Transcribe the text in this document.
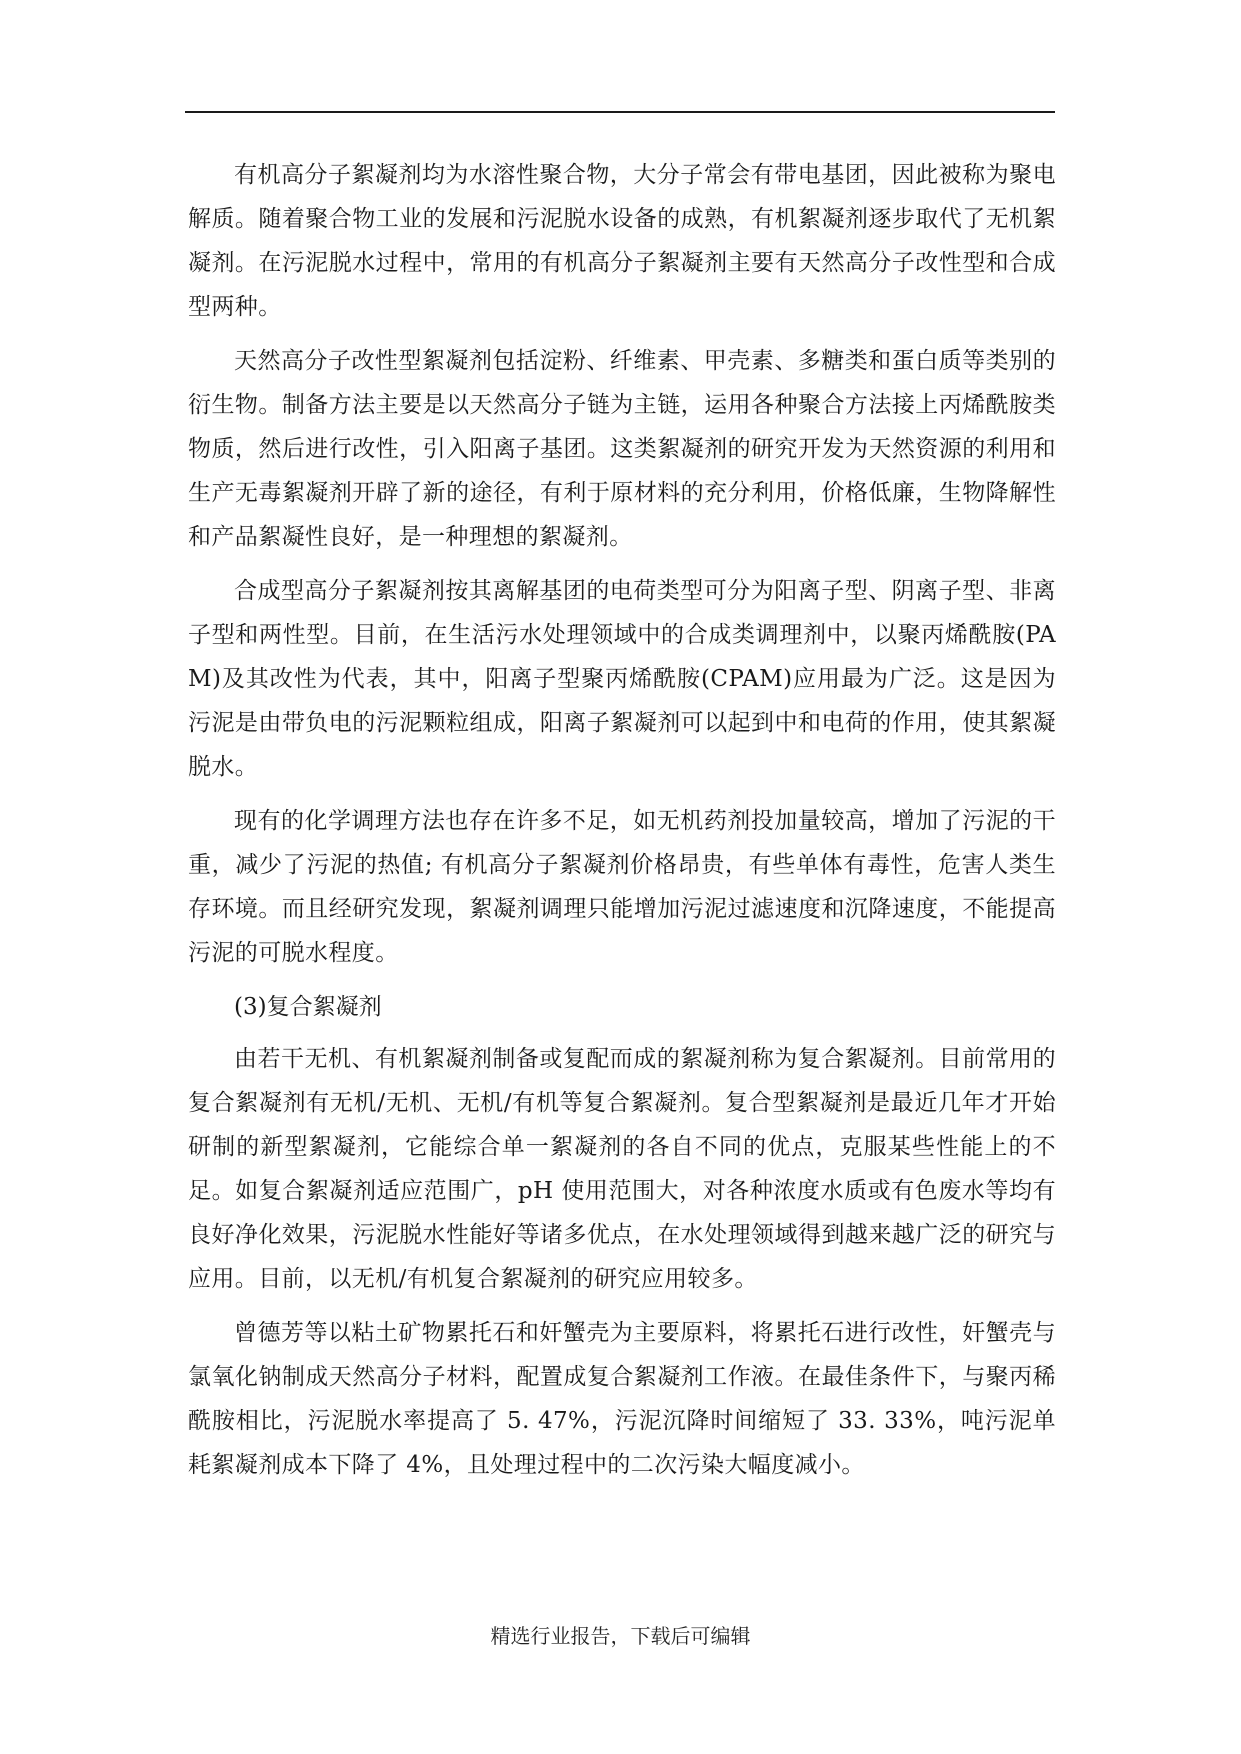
有机高分子絮凝剂均为水溶性聚合物，大分子常会有带电基团，因此被称为聚电解质。随着聚合物工业的发展和污泥脱水设备的成熟，有机絮凝剂逐步取代了无机絮凝剂。在污泥脱水过程中，常用的有机高分子絮凝剂主要有天然高分子改性型和合成型两种。

天然高分子改性型絮凝剂包括淀粉、纤维素、甲壳素、多糖类和蛋白质等类别的衍生物。制备方法主要是以天然高分子链为主链，运用各种聚合方法接上丙烯酰胺类物质，然后进行改性，引入阳离子基团。这类絮凝剂的研究开发为天然资源的利用和生产无毒絮凝剂开辟了新的途径，有利于原材料的充分利用，价格低廉，生物降解性和产品絮凝性良好，是一种理想的絮凝剂。

合成型高分子絮凝剂按其离解基团的电荷类型可分为阳离子型、阴离子型、非离子型和两性型。目前，在生活污水处理领域中的合成类调理剂中，以聚丙烯酰胺(PAM)及其改性为代表，其中，阳离子型聚丙烯酰胺(CPAM)应用最为广泛。这是因为污泥是由带负电的污泥颗粒组成，阳离子絮凝剂可以起到中和电荷的作用，使其絮凝脱水。

现有的化学调理方法也存在许多不足，如无机药剂投加量较高，增加了污泥的干重，减少了污泥的热值; 有机高分子絮凝剂价格昂贵，有些单体有毒性，危害人类生存环境。而且经研究发现，絮凝剂调理只能增加污泥过滤速度和沉降速度，不能提高污泥的可脱水程度。

(3)复合絮凝剂

由若干无机、有机絮凝剂制备或复配而成的絮凝剂称为复合絮凝剂。目前常用的复合絮凝剂有无机/无机、无机/有机等复合絮凝剂。复合型絮凝剂是最近几年才开始研制的新型絮凝剂，它能综合单一絮凝剂的各自不同的优点，克服某些性能上的不足。如复合絮凝剂适应范围广，pH 使用范围大，对各种浓度水质或有色废水等均有良好净化效果，污泥脱水性能好等诸多优点，在水处理领域得到越来越广泛的研究与应用。目前，以无机/有机复合絮凝剂的研究应用较多。

曾德芳等以粘土矿物累托石和奸蟹壳为主要原料，将累托石进行改性，奸蟹壳与氯氧化钠制成天然高分子材料，配置成复合絮凝剂工作液。在最佳条件下，与聚丙稀酰胺相比，污泥脱水率提高了 5. 47%，污泥沉降时间缩短了 33. 33%，吨污泥单耗絮凝剂成本下降了 4%，且处理过程中的二次污染大幅度减小。

精选行业报告，下载后可编辑
